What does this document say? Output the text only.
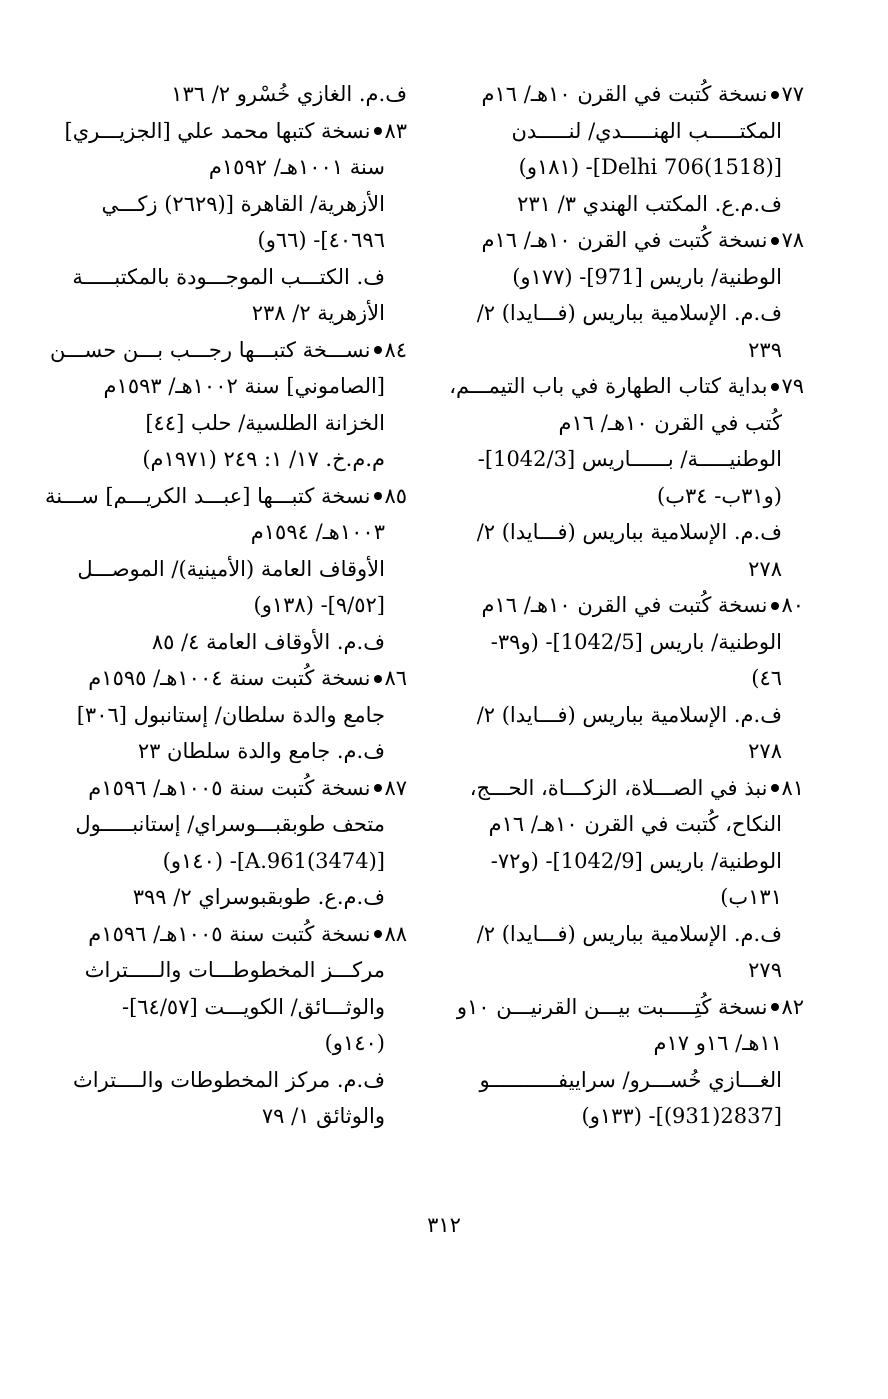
٧٧نسخة كُتبت في القرن ١٠هـ/ ١٦م
المكتـــــب الهنـــــدي/ لنـــــدن
[Delhi 706(1518)]- (١٨١و)
ف.م.ع. المكتب الهندي ٣/ ٢٣١
٧٨نسخة كُتبت في القرن ١٠هـ/ ١٦م
الوطنية/ باريس [971]- (١٧٧و)
ف.م. الإسلامية بباريس (فـــايدا) ٢/
٢٣٩
٧٩بداية كتاب الطهارة في باب التيمـــم،
كُتب في القرن ١٠هـ/ ١٦م
الوطنيـــــة/ بــــــاريس [1042/3]-
(و٣١ب- ٣٤ب)
ف.م. الإسلامية بباريس (فـــايدا) ٢/
٢٧٨
٨٠نسخة كُتبت في القرن ١٠هـ/ ١٦م
الوطنية/ باريس [1042/5]- (و٣٩-
٤٦)
ف.م. الإسلامية بباريس (فـــايدا) ٢/
٢٧٨
٨١نبذ في الصـــلاة، الزكـــاة، الحـــج،
النكاح، كُتبت في القرن ١٠هـ/ ١٦م
الوطنية/ باريس [1042/9]- (و٧٢-
١٣١ب)
ف.م. الإسلامية بباريس (فـــايدا) ٢/
٢٧٩
٨٢نسخة كُتِـــــبت بيـــن القرنيـــن ١٠و
١١هـ/ ١٦و ١٧م
الغـــازي خُســـرو/ سراييفـــــــــــو
[2837(931)]- (١٣٣و)
ف.م. الغازي خُسْرو ٢/ ١٣٦
٨٣نسخة كتبها محمد علي [الجزيـــري]
سنة ١٠٠١هـ/ ١٥٩٢م
الأزهرية/ القاهرة [(٢٦٢٩) زكـــي
٤٠٦٩٦]- (٦٦و)
ف. الكتـــب الموجـــودة بالمكتبـــــة
الأزهرية ٢/ ٢٣٨
٨٤نســـخة كتبـــها رجـــب بـــن حســـن
[الصاموني] سنة ١٠٠٢هـ/ ١٥٩٣م
الخزانة الطلسية/ حلب [٤٤]
م.م.خ. ١٧/ ١: ٢٤٩ (١٩٧١م)
٨٥نسخة كتبـــها [عبـــد الكريـــم] ســـنة
١٠٠٣هـ/ ١٥٩٤م
الأوقاف العامة (الأمينية)/ الموصـــل
[٩/٥٢]- (١٣٨و)
ف.م. الأوقاف العامة ٤/ ٨٥
٨٦نسخة كُتبت سنة ١٠٠٤هـ/ ١٥٩٥م
جامع والدة سلطان/ إستانبول [٣٠٦]
ف.م. جامع والدة سلطان ٢٣
٨٧نسخة كُتبت سنة ١٠٠٥هـ/ ١٥٩٦م
متحف طوبقبـــوسراي/ إستانبـــــول
[A.961(3474)]- (١٤٠و)
ف.م.ع. طوبقبوسراي ٢/ ٣٩٩
٨٨نسخة كُتبت سنة ١٠٠٥هـ/ ١٥٩٦م
مركـــز المخطوطـــات والـــــتراث
والوثـــائق/ الكويـــت [٦٤/٥٧]-
(١٤٠و)
ف.م. مركز المخطوطات والــــتراث
والوثائق ١/ ٧٩
٣١٢
